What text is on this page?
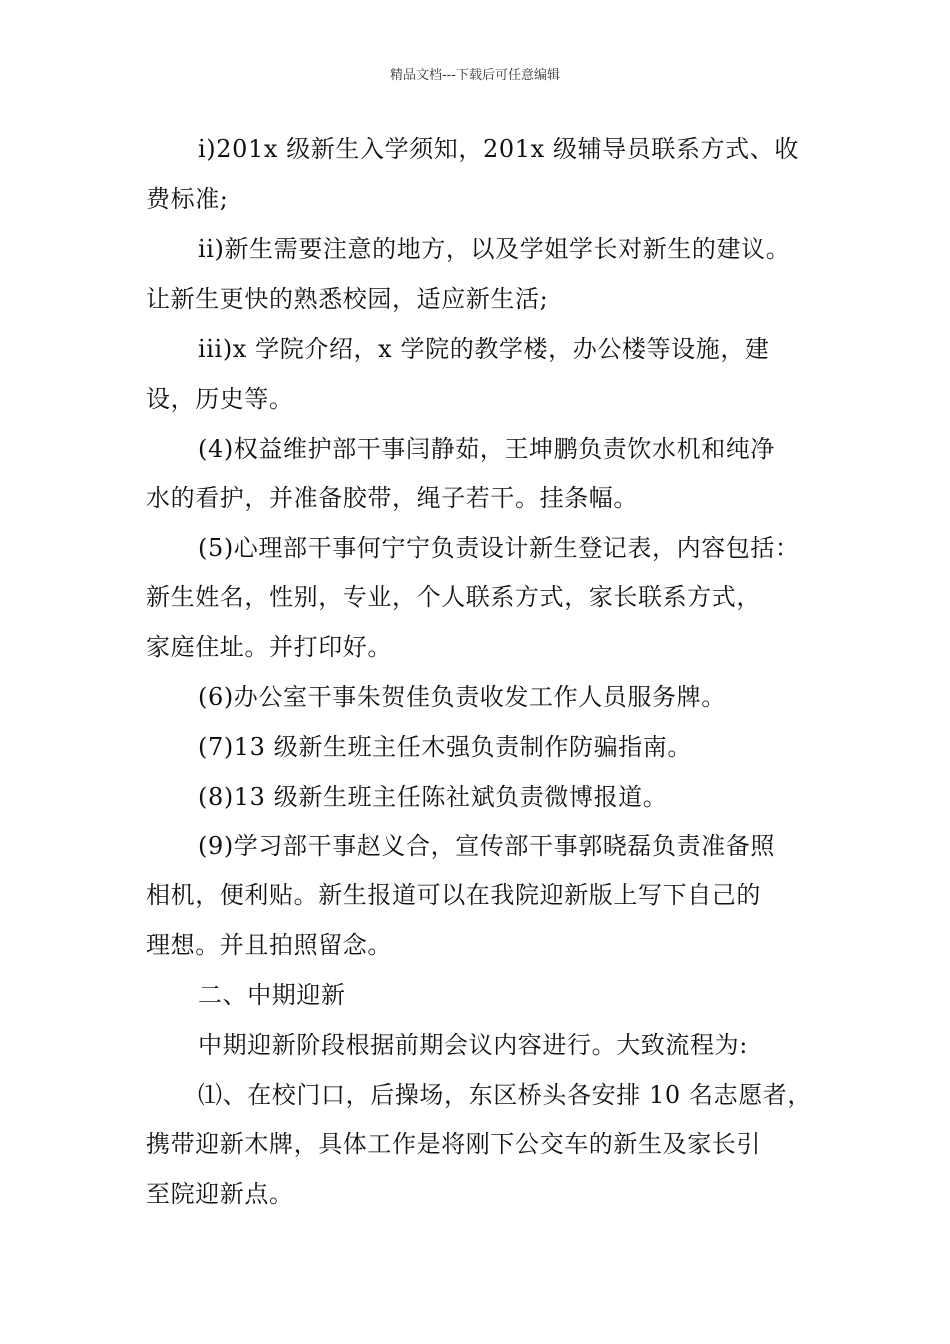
精品文档---下载后可任意编辑
i)201x 级新生入学须知，201x 级辅导员联系方式、收
费标准;
ii)新生需要注意的地方，以及学姐学长对新生的建议。
让新生更快的熟悉校园，适应新生活;
iii)x 学院介绍，x 学院的教学楼，办公楼等设施，建
设，历史等。
(4)权益维护部干事闫静茹，王坤鹏负责饮水机和纯净
水的看护，并准备胶带，绳子若干。挂条幅。
(5)心理部干事何宁宁负责设计新生登记表，内容包括：
新生姓名，性别，专业，个人联系方式，家长联系方式，
家庭住址。并打印好。
(6)办公室干事朱贺佳负责收发工作人员服务牌。
(7)13 级新生班主任木强负责制作防骗指南。
(8)13 级新生班主任陈社斌负责微博报道。
(9)学习部干事赵义合，宣传部干事郭晓磊负责准备照
相机，便利贴。新生报道可以在我院迎新版上写下自己的
理想。并且拍照留念。
二、中期迎新
中期迎新阶段根据前期会议内容进行。大致流程为:
⑴、在校门口，后操场，东区桥头各安排 10 名志愿者，
携带迎新木牌，具体工作是将刚下公交车的新生及家长引
至院迎新点。
